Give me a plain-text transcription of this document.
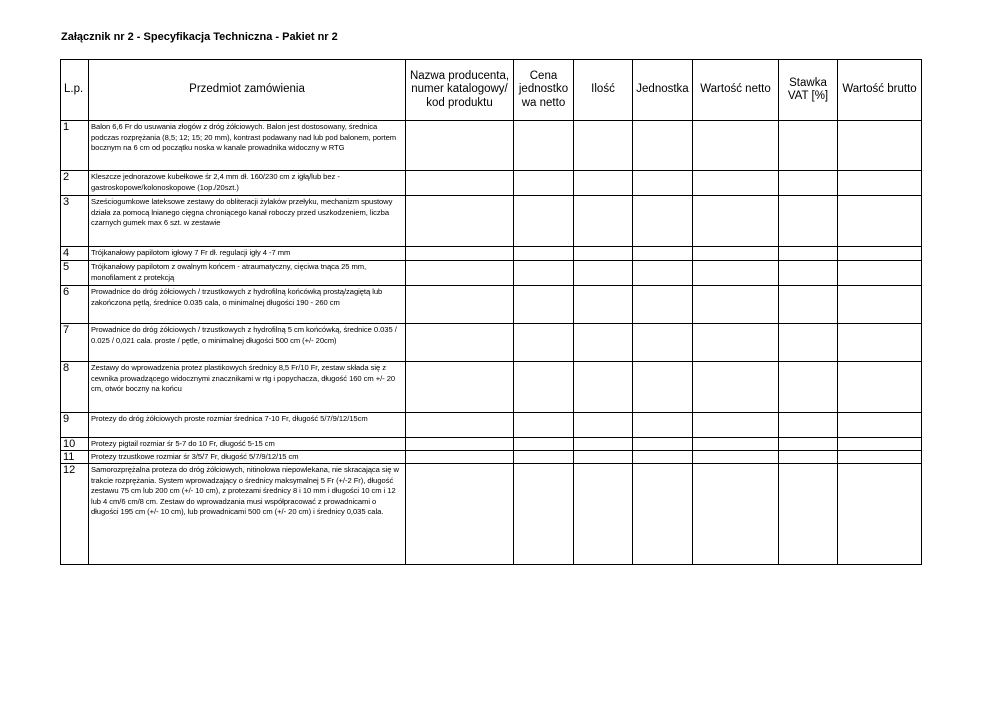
Załącznik nr 2 - Specyfikacja Techniczna - Pakiet nr 2
L.p.	Przedmiot zamówienia	Nazwa producenta, numer katalogowy/ kod produktu	Cena jednostko wa netto	Ilość	Jednostka	Wartość netto	Stawka VAT [%]	Wartość brutto
1	Balon 6,6 Fr do usuwania złogów z dróg żółciowych. Balon jest dostosowany, średnica podczas rozprężania (8,5; 12; 15; 20 mm), kontrast podawany nad lub pod balonem, portem bocznym na 6 cm od początku noska w kanale prowadnika widoczny w RTG							
2	Kleszcze jednorazowe kubełkowe śr 2,4 mm dł. 160/230 cm z igłą/lub bez - gastroskopowe/kolonoskopowe (1op./20szt.)							
3	Sześciogumkowe lateksowe zestawy do obliteracji żylaków przełyku, mechanizm spustowy działa za pomocą lnianego cięgna chroniącego kanał roboczy przed uszkodzeniem, liczba czarnych gumek max 6 szt. w zestawie							
4	Trójkanałowy papilotom igłowy 7 Fr dł. regulacji igły 4 -7 mm							
5	Trójkanałowy papilotom z owalnym końcem - atraumatyczny, cięciwa tnąca 25 mm, monofilament z protekcją							
6	Prowadnice do dróg żółciowych / trzustkowych z hydrofilną końcówką prostą/zagiętą lub zakończona pętlą, średnice 0.035 cala, o minimalnej długości 190 - 260 cm							
7	Prowadnice do dróg żółciowych / trzustkowych z hydrofilną 5 cm końcówką, średnice 0.035 / 0.025 / 0,021 cala. proste / pętle, o minimalnej długości 500 cm (+/- 20cm)							
8	Zestawy do wprowadzenia protez plastikowych średnicy 8,5 Fr/10 Fr, zestaw składa się z cewnika prowadzącego widocznymi znacznikami w rtg i popychacza, długość 160 cm +/- 20 cm, otwór boczny na końcu							
9	Protezy do dróg żółciowych proste rozmiar średnica 7-10 Fr, długość 5/7/9/12/15cm							
10	Protezy pigtail rozmiar śr 5-7 do 10 Fr, długość 5-15 cm							
11	Protezy trzustkowe rozmiar śr 3/5/7 Fr, długość 5/7/9/12/15 cm							
12	Samorozprężalna proteza do dróg żółciowych, nitinolowa niepowlekana, nie skracająca się w trakcie rozprężania. System wprowadzający o średnicy maksymalnej 5 Fr (+/-2 Fr), długość zestawu 75 cm lub 200 cm (+/- 10 cm), z protezami średnicy 8 i 10 mm i długości 10 cm i 12 lub 4 cm/6 cm/8 cm. Zestaw do wprowadzania musi współpracować z prowadnicami o długości 195 cm (+/- 10 cm), lub prowadnicami 500 cm (+/- 20 cm) i średnicy 0,035 cala.							
